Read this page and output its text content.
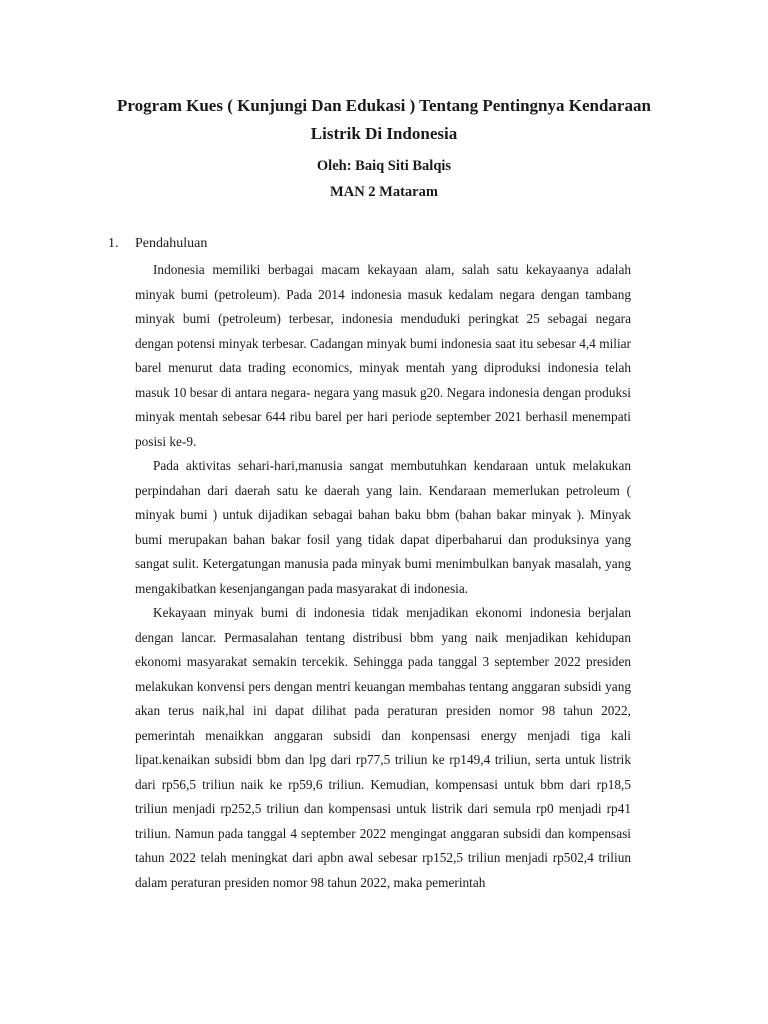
Program Kues ( Kunjungi Dan Edukasi ) Tentang Pentingnya Kendaraan
Listrik Di Indonesia
Oleh: Baiq Siti Balqis
MAN 2 Mataram
1. Pendahuluan

Indonesia memiliki berbagai macam kekayaan alam, salah satu kekayaanya adalah minyak bumi (petroleum). Pada 2014 indonesia masuk kedalam negara dengan tambang minyak bumi (petroleum) terbesar, indonesia menduduki peringkat 25 sebagai negara dengan potensi minyak terbesar. Cadangan minyak bumi indonesia saat itu sebesar 4,4 miliar barel menurut data trading economics, minyak mentah yang diproduksi indonesia telah masuk 10 besar di antara negara- negara yang masuk g20. Negara indonesia dengan produksi minyak mentah sebesar 644 ribu barel per hari periode september 2021 berhasil menempati posisi ke-9.

Pada aktivitas sehari-hari,manusia sangat membutuhkan kendaraan untuk melakukan perpindahan dari daerah satu ke daerah yang lain. Kendaraan memerlukan petroleum ( minyak bumi ) untuk dijadikan sebagai bahan baku bbm (bahan bakar minyak ). Minyak bumi merupakan bahan bakar fosil yang tidak dapat diperbaharui dan produksinya yang sangat sulit. Ketergatungan manusia pada minyak bumi menimbulkan banyak masalah, yang mengakibatkan kesenjangangan pada masyarakat di indonesia.

Kekayaan minyak bumi di indonesia tidak menjadikan ekonomi indonesia berjalan dengan lancar. Permasalahan tentang distribusi bbm yang naik menjadikan kehidupan ekonomi masyarakat semakin tercekik. Sehingga pada tanggal 3 september 2022 presiden melakukan konvensi pers dengan mentri keuangan membahas tentang anggaran subsidi yang akan terus naik,hal ini dapat dilihat pada peraturan presiden nomor 98 tahun 2022, pemerintah menaikkan anggaran subsidi dan konpensasi energy menjadi tiga kali lipat.kenaikan subsidi bbm dan lpg dari rp77,5 triliun ke rp149,4 triliun, serta untuk listrik dari rp56,5 triliun naik ke rp59,6 triliun. Kemudian, kompensasi untuk bbm dari rp18,5 triliun menjadi rp252,5 triliun dan kompensasi untuk listrik dari semula rp0 menjadi rp41 triliun. Namun pada tanggal 4 september 2022 mengingat anggaran subsidi dan kompensasi tahun 2022 telah meningkat dari apbn awal sebesar rp152,5 triliun menjadi rp502,4 triliun dalam peraturan presiden nomor 98 tahun 2022, maka pemerintah
